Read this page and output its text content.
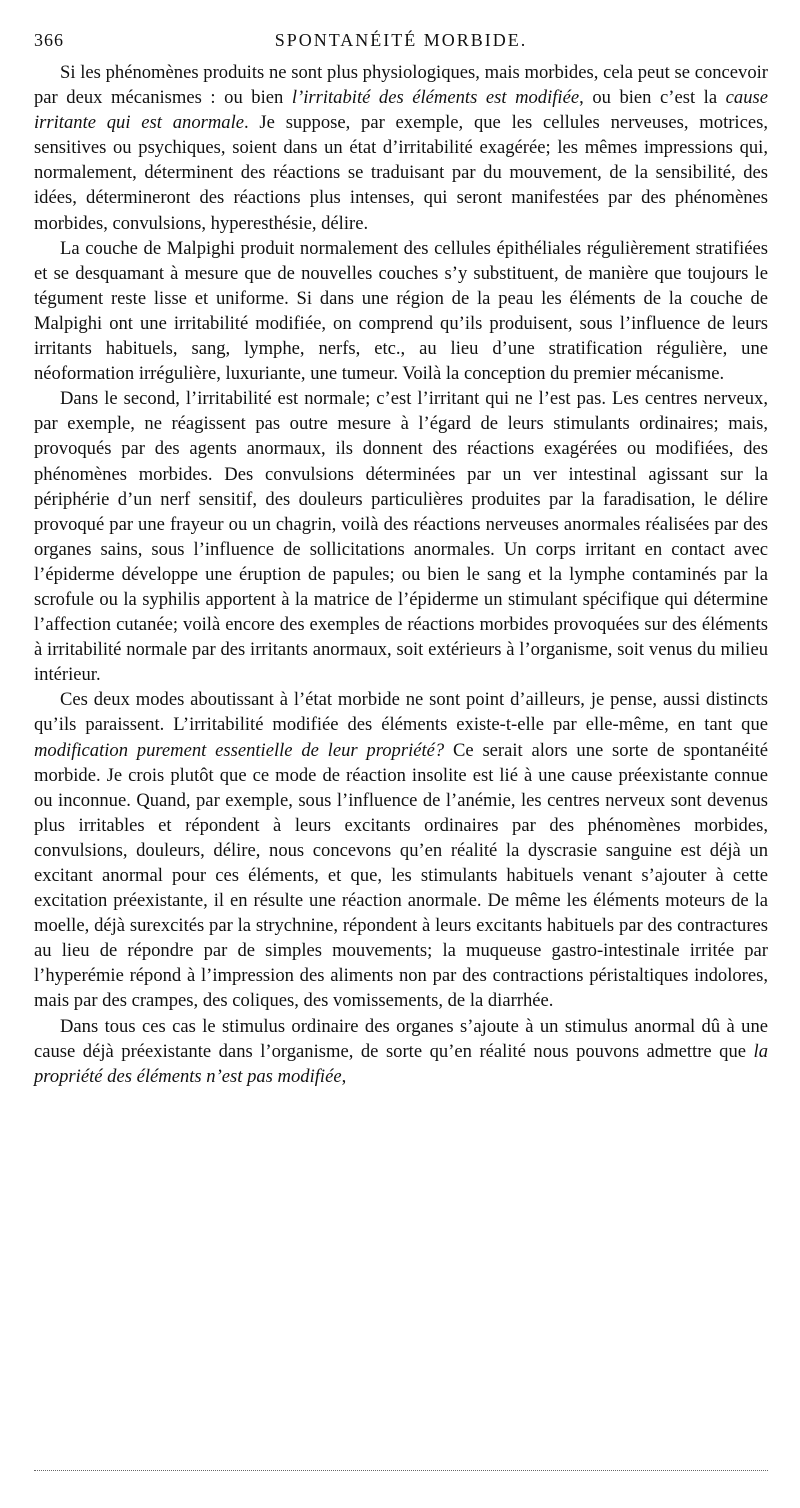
366	SPONTANÉITÉ MORBIDE.

Si les phénomènes produits ne sont plus physiologiques, mais morbides, cela peut se concevoir par deux mécanismes : ou bien l’irritabité des éléments est modifiée, ou bien c’est la cause irritante qui est anormale. Je suppose, par exemple, que les cellules nerveuses, motrices, sensitives ou psychiques, soient dans un état d’irritabilité exagérée; les mêmes impressions qui, normalement, déterminent des réactions se traduisant par du mouvement, de la sensibilité, des idées, détermineront des réactions plus intenses, qui seront manifestées par des phénomènes morbides, convulsions, hyperesthésie, délire.

La couche de Malpighi produit normalement des cellules épithéliales régulièrement stratifiées et se desquamant à mesure que de nouvelles couches s’y substituent, de manière que toujours le tégument reste lisse et uniforme. Si dans une région de la peau les éléments de la couche de Malpighi ont une irritabilité modifiée, on comprend qu’ils produisent, sous l’influence de leurs irritants habituels, sang, lymphe, nerfs, etc., au lieu d’une stratification régulière, une néoformation irrégulière, luxuriante, une tumeur. Voilà la conception du premier mécanisme.

Dans le second, l’irritabilité est normale; c’est l’irritant qui ne l’est pas. Les centres nerveux, par exemple, ne réagissent pas outre mesure à l’égard de leurs stimulants ordinaires; mais, provoqués par des agents anormaux, ils donnent des réactions exagérées ou modifiées, des phénomènes morbides. Des convulsions déterminées par un ver intestinal agissant sur la périphérie d’un nerf sensitif, des douleurs particulières produites par la faradisation, le délire provoqué par une frayeur ou un chagrin, voilà des réactions nerveuses anormales réalisées par des organes sains, sous l’influence de sollicitations anormales. Un corps irritant en contact avec l’épiderme développe une éruption de papules; ou bien le sang et la lymphe contaminés par la scrofule ou la syphilis apportent à la matrice de l’épiderme un stimulant spécifique qui détermine l’affection cutanée; voilà encore des exemples de réactions morbides provoquées sur des éléments à irritabilité normale par des irritants anormaux, soit extérieurs à l’organisme, soit venus du milieu intérieur.

Ces deux modes aboutissant à l’état morbide ne sont point d’ailleurs, je pense, aussi distincts qu’ils paraissent. L’irritabilité modifiée des éléments existe-t-elle par elle-même, en tant que modification purement essentielle de leur propriété? Ce serait alors une sorte de spontanéité morbide. Je crois plutôt que ce mode de réaction insolite est lié à une cause préexistante connue ou inconnue. Quand, par exemple, sous l’influence de l’anémie, les centres nerveux sont devenus plus irritables et répondent à leurs excitants ordinaires par des phénomènes morbides, convulsions, douleurs, délire, nous concevons qu’en réalité la dyscrasie sanguine est déjà un excitant anormal pour ces éléments, et que, les stimulants habituels venant s’ajouter à cette excitation préexistante, il en résulte une réaction anormale. De même les éléments moteurs de la moelle, déjà surexcités par la strychnine, répondent à leurs excitants habituels par des contractures au lieu de répondre par de simples mouvements; la muqueuse gastro-intestinale irritée par l’hyperémie répond à l’impression des aliments non par des contractions péristaltiques indolores, mais par des crampes, des coliques, des vomissements, de la diarrhée.

Dans tous ces cas le stimulus ordinaire des organes s’ajoute à un stimulus anormal dû à une cause déjà préexistante dans l’organisme, de sorte qu’en réalité nous pouvons admettre que la propriété des éléments n’est pas modifiée,
